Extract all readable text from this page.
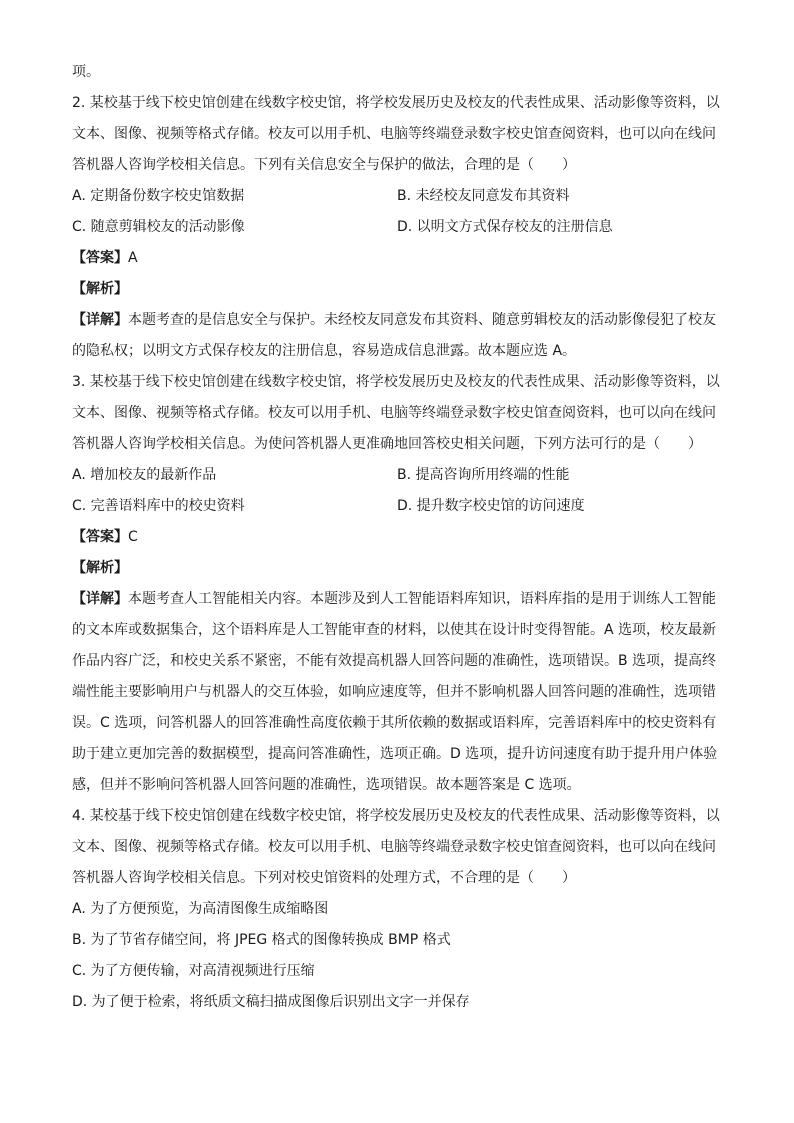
项。
2. 某校基于线下校史馆创建在线数字校史馆，将学校发展历史及校友的代表性成果、活动影像等资料，以
文本、图像、视频等格式存储。校友可以用手机、电脑等终端登录数字校史馆查阅资料，也可以向在线问
答机器人咨询学校相关信息。下列有关信息安全与保护的做法，合理的是（　　）
A. 定期备份数字校史馆数据	B. 未经校友同意发布其资料
C. 随意剪辑校友的活动影像	D. 以明文方式保存校友的注册信息
【答案】A
【解析】
【详解】本题考查的是信息安全与保护。未经校友同意发布其资料、随意剪辑校友的活动影像侵犯了校友
的隐私权；以明文方式保存校友的注册信息，容易造成信息泄露。故本题应选 A。
3. 某校基于线下校史馆创建在线数字校史馆，将学校发展历史及校友的代表性成果、活动影像等资料，以
文本、图像、视频等格式存储。校友可以用手机、电脑等终端登录数字校史馆查阅资料，也可以向在线问
答机器人咨询学校相关信息。为使问答机器人更准确地回答校史相关问题，下列方法可行的是（　　）
A. 增加校友的最新作品	B. 提高咨询所用终端的性能
C. 完善语料库中的校史资料	D. 提升数字校史馆的访问速度
【答案】C
【解析】
【详解】本题考查人工智能相关内容。本题涉及到人工智能语料库知识，语料库指的是用于训练人工智能
的文本库或数据集合，这个语料库是人工智能审查的材料，以使其在设计时变得智能。A 选项，校友最新
作品内容广泛，和校史关系不紧密，不能有效提高机器人回答问题的准确性，选项错误。B 选项，提高终
端性能主要影响用户与机器人的交互体验，如响应速度等，但并不影响机器人回答问题的准确性，选项错
误。C 选项，问答机器人的回答准确性高度依赖于其所依赖的数据或语料库，完善语料库中的校史资料有
助于建立更加完善的数据模型，提高问答准确性，选项正确。D 选项，提升访问速度有助于提升用户体验
感，但并不影响问答机器人回答问题的准确性，选项错误。故本题答案是 C 选项。
4. 某校基于线下校史馆创建在线数字校史馆，将学校发展历史及校友的代表性成果、活动影像等资料，以
文本、图像、视频等格式存储。校友可以用手机、电脑等终端登录数字校史馆查阅资料，也可以向在线问
答机器人咨询学校相关信息。下列对校史馆资料的处理方式，不合理的是（　　）
A. 为了方便预览，为高清图像生成缩略图
B. 为了节省存储空间，将 JPEG 格式的图像转换成 BMP 格式
C. 为了方便传输，对高清视频进行压缩
D. 为了便于检索，将纸质文稿扫描成图像后识别出文字一并保存
